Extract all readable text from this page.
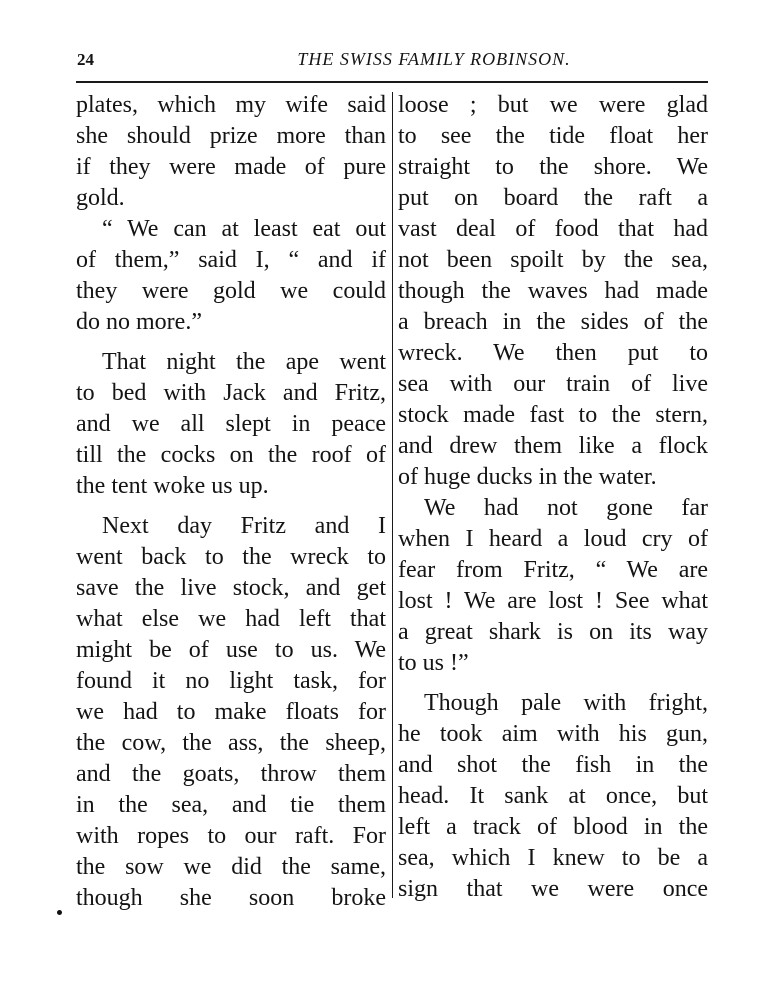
24	THE SWISS FAMILY ROBINSON.
plates, which my wife said
she should prize more than
if they were made of pure
gold.
“ We can at least eat out
of them,” said I, “ and if
they were gold we could
do no more.”
That night the ape went
to bed with Jack and Fritz,
and we all slept in peace
till the cocks on the roof of
the tent woke us up.
Next day Fritz and I
went back to the wreck to
save the live stock, and get
what else we had left that
might be of use to us. We
found it no light task, for
we had to make floats for
the cow, the ass, the sheep,
and the goats, throw them
in the sea, and tie them
with ropes to our raft. For
the sow we did the same,
though she soon broke
loose ; but we were glad
to see the tide float her
straight to the shore. We
put on board the raft a
vast deal of food that had
not been spoilt by the sea,
though the waves had made
a breach in the sides of the
wreck. We then put to
sea with our train of live
stock made fast to the stern,
and drew them like a flock
of huge ducks in the water.
We had not gone far
when I heard a loud cry of
fear from Fritz, “ We are
lost ! We are lost ! See what
a great shark is on its way
to us !”
Though pale with fright,
he took aim with his gun,
and shot the fish in the
head. It sank at once, but
left a track of blood in the
sea, which I knew to be a
sign that we were once
